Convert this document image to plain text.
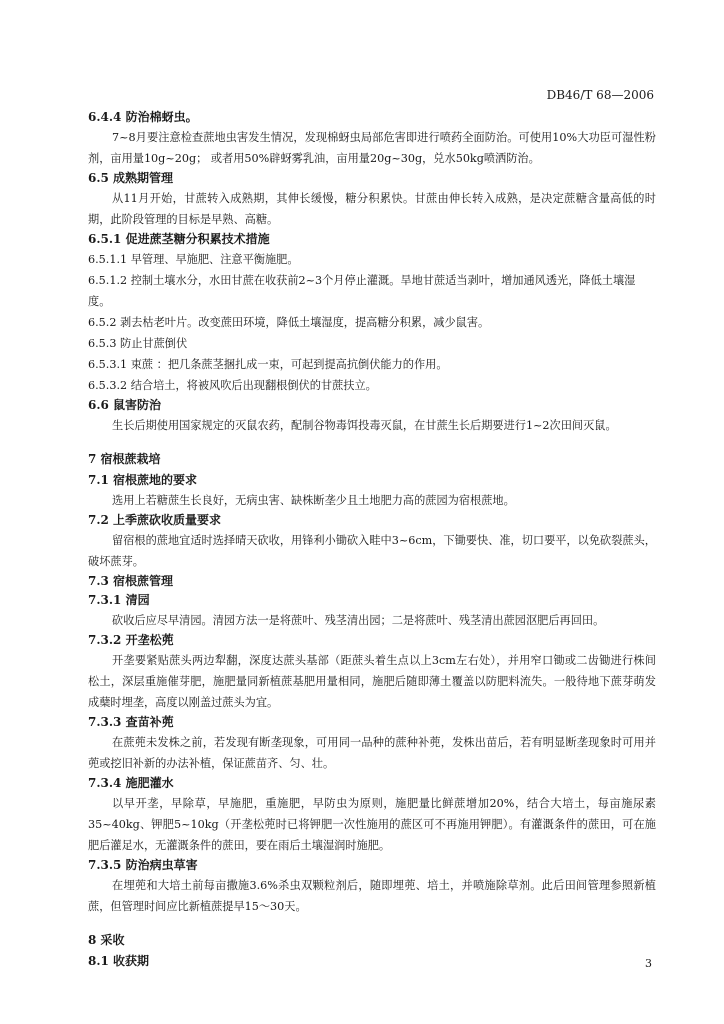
DB46/T 68—2006
6.4.4 防治棉蚜虫。
7~8月要注意检查蔗地虫害发生情况，发现棉蚜虫局部危害即进行喷药全面防治。可使用10%大功臣可湿性粉剂，亩用量10g~20g； 或者用50%辟蚜雾乳油，亩用量20g~30g，兑水50kg喷洒防治。
6.5 成熟期管理
从11月开始，甘蔗转入成熟期，其伸长缓慢，糖分积累快。甘蔗由伸长转入成熟，是决定蔗糖含量高低的时期，此阶段管理的目标是早熟、高糖。
6.5.1 促进蔗茎糖分积累技术措施
6.5.1.1 早管理、早施肥、注意平衡施肥。
6.5.1.2 控制土壤水分，水田甘蔗在收获前2~3个月停止灌溉。旱地甘蔗适当剥叶，增加通风透光，降低土壤湿度。
6.5.2 剥去枯老叶片。改变蔗田环境，降低土壤湿度，提高糖分积累，减少鼠害。
6.5.3 防止甘蔗倒伏
6.5.3.1 束蔗 ：把几条蔗茎捆扎成一束，可起到提高抗倒伏能力的作用。
6.5.3.2 结合培土，将被风吹后出现翻根倒伏的甘蔗扶立。
6.6 鼠害防治
生长后期使用国家规定的灭鼠农药，配制谷物毒饵投毒灭鼠，在甘蔗生长后期要进行1~2次田间灭鼠。
7 宿根蔗栽培
7.1 宿根蔗地的要求
选用上若糖蔗生长良好，无病虫害、缺株断垄少且土地肥力高的蔗园为宿根蔗地。
7.2 上季蔗砍收质量要求
留宿根的蔗地宜适时选择晴天砍收，用锋利小锄砍入畦中3~6cm，下锄要快、准，切口要平，以免砍裂蔗头，破坏蔗芽。
7.3 宿根蔗管理
7.3.1 清园
砍收后应尽早清园。清园方法一是将蔗叶、残茎清出园；二是将蔗叶、残茎清出蔗园沤肥后再回田。
7.3.2 开垄松蔸
开垄要紧贴蔗头两边犁翻，深度达蔗头基部（距蔗头着生点以上3cm左右处），并用窄口锄或二齿锄进行株间松土，深层重施催芽肥，施肥量同新植蔗基肥用量相同，施肥后随即薄土覆盖以防肥料流失。一般待地下蔗芽萌发成蘖时埋垄，高度以刚盖过蔗头为宜。
7.3.3 查苗补蔸
在蔗蔸未发株之前，若发现有断垄现象，可用同一品种的蔗种补蔸，发株出苗后，若有明显断垄现象时可用并蔸或挖旧补新的办法补植，保证蔗苗齐、匀、壮。
7.3.4 施肥灌水
以早开垄，早除草，早施肥，重施肥，早防虫为原则，施肥量比鲜蔗增加20%，结合大培土，每亩施尿素35~40kg、钾肥5~10kg（开垄松蔸时已将钾肥一次性施用的蔗区可不再施用钾肥）。有灌溉条件的蔗田，可在施肥后灌足水，无灌溉条件的蔗田，要在雨后土壤湿润时施肥。
7.3.5 防治病虫草害
在埋蔸和大培土前每亩撒施3.6%杀虫双颗粒剂后，随即埋蔸、培土，并喷施除草剂。此后田间管理参照新植蔗，但管理时间应比新植蔗提早15～30天。
8 采收
8.1 收获期	3
